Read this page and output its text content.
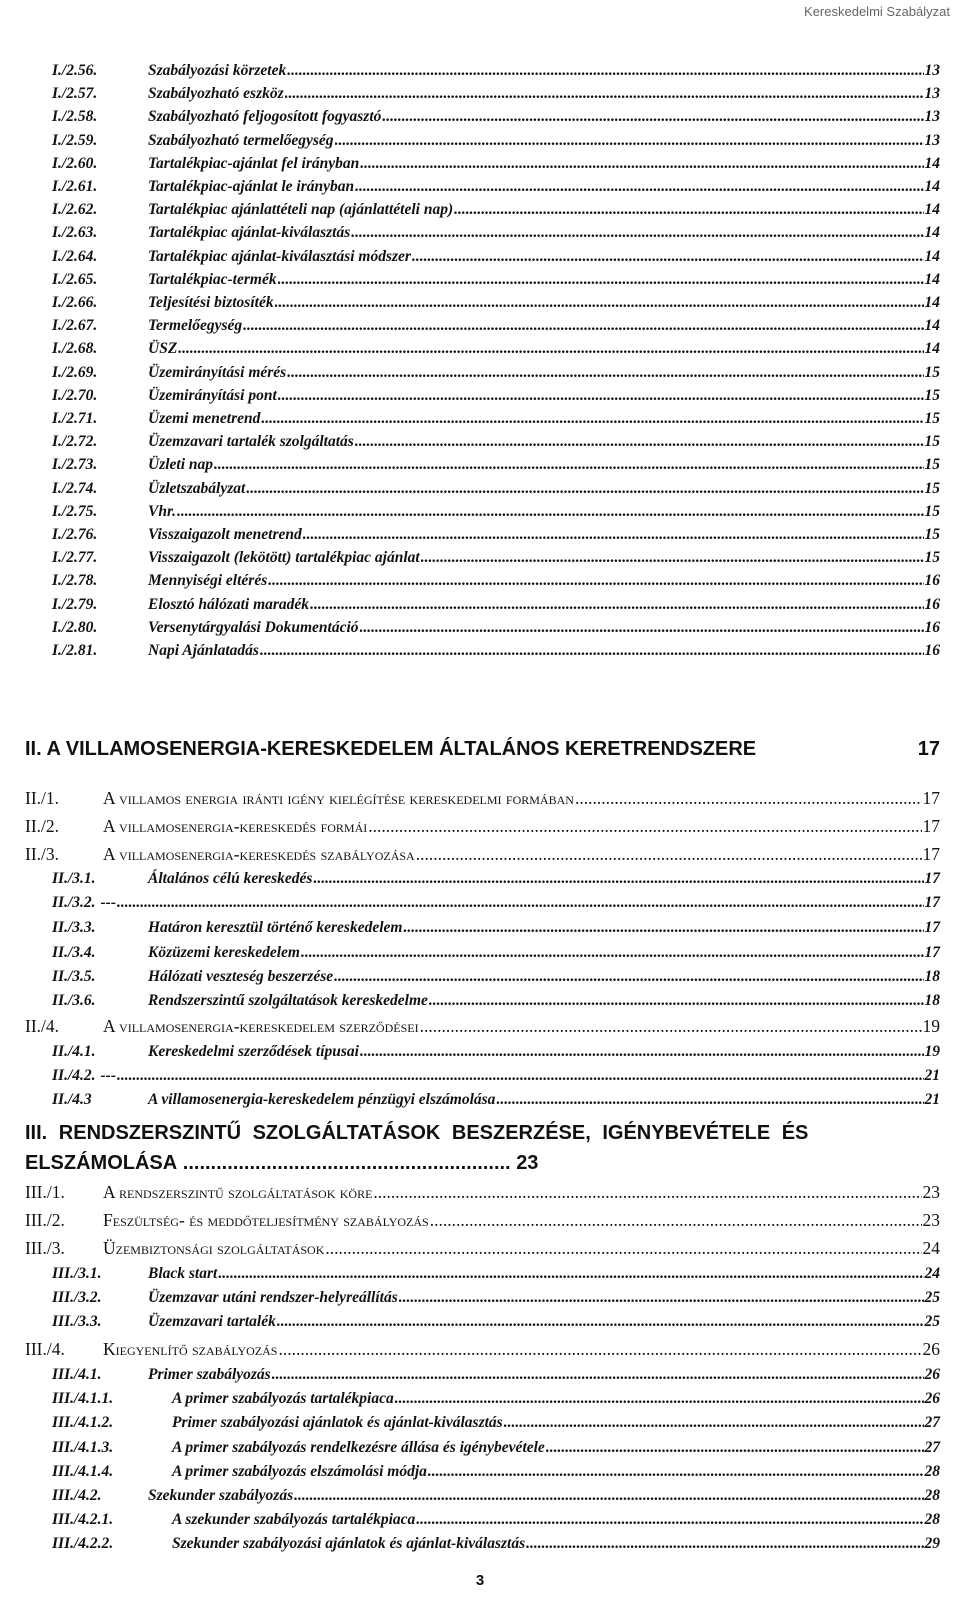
Kereskedelmi Szabályzat
I./2.56.	Szabályozási körzetek .....	13
I./2.57.	Szabályozható eszköz .....	13
I./2.58.	Szabályozható feljogosított fogyasztó .....	13
I./2.59.	Szabályozható termelőegység .....	13
I./2.60.	Tartalékpiac-ajánlat fel irányban .....	14
I./2.61.	Tartalékpiac-ajánlat le irányban .....	14
I./2.62.	Tartalékpiac ajánlattételi nap (ajánlattételi nap) .....	14
I./2.63.	Tartalékpiac ajánlat-kiválasztás .....	14
I./2.64.	Tartalékpiac ajánlat-kiválasztási módszer .....	14
I./2.65.	Tartalékpiac-termék .....	14
I./2.66.	Teljesítési biztosíték .....	14
I./2.67.	Termelőegység .....	14
I./2.68.	ÜSZ .....	14
I./2.69.	Üzemirányítási mérés .....	15
I./2.70.	Üzemirányítási pont .....	15
I./2.71.	Üzemi menetrend .....	15
I./2.72.	Üzemzavari tartalék szolgáltatás .....	15
I./2.73.	Üzleti nap .....	15
I./2.74.	Üzletszabályzat .....	15
I./2.75.	Vhr. .....	15
I./2.76.	Visszaigazolt menetrend .....	15
I./2.77.	Visszaigazolt (lekötött) tartalékpiac ajánlat .....	15
I./2.78.	Mennyiségi eltérés .....	16
I./2.79.	Elosztó hálózati maradék .....	16
I./2.80.	Versenytárgyalási Dokumentáció .....	16
I./2.81.	Napi Ajánlatadás .....	16
II. A VILLAMOSENERGIA-KERESKEDELEM ÁLTALÁNOS KERETRENDSZERE	17
II./1.	A villamos energia iránti igény kielégítése kereskedelmi formában .....	17
II./2.	A villamosenergia-kereskedés formái .....	17
II./3.	A villamosenergia-kereskedés szabályozása .....	17
II./3.1.	Általános célú kereskedés .....	17
II./3.2. --- .....	17
II./3.3.	Határon keresztül történő kereskedelem .....	17
II./3.4.	Közüzemi kereskedelem .....	17
II./3.5.	Hálózati veszteség beszerzése .....	18
II./3.6.	Rendszerszintű szolgáltatások kereskedelme .....	18
II./4.	A villamosenergia-kereskedelem szerződései .....	19
II./4.1.	Kereskedelmi szerződések típusai .....	19
II./4.2. --- .....	21
II./4.3	A villamosenergia-kereskedelem pénzügyi elszámolása .....	21
III. RENDSZERSZINTŰ SZOLGÁLTATÁSOK BESZERZÉSE, IGÉNYBEVÉTELE ÉS ELSZÁMOLÁSA ........................................................... 23
III./1.	A rendszerszintű szolgáltatások köre .....	23
III./2.	Feszültség- és meddőteljesítmény szabályozás .....	23
III./3.	Üzembiztonsági szolgáltatások .....	24
III./3.1.	Black start .....	24
III./3.2.	Üzemzavar utáni rendszer-helyreállítás .....	25
III./3.3.	Üzemzavari tartalék .....	25
III./4.	Kiegyenlítő szabályozás .....	26
III./4.1.	Primer szabályozás .....	26
III./4.1.1.	A primer szabályozás tartalékpiaca .....	26
III./4.1.2.	Primer szabályozási ajánlatok és ajánlat-kiválasztás .....	27
III./4.1.3.	A primer szabályozás rendelkezésre állása és igénybevétele .....	27
III./4.1.4.	A primer szabályozás elszámolási módja .....	28
III./4.2.	Szekunder szabályozás .....	28
III./4.2.1.	A szekunder szabályozás tartalékpiaca .....	28
III./4.2.2.	Szekunder szabályozási ajánlatok és ajánlat-kiválasztás .....	29
3
